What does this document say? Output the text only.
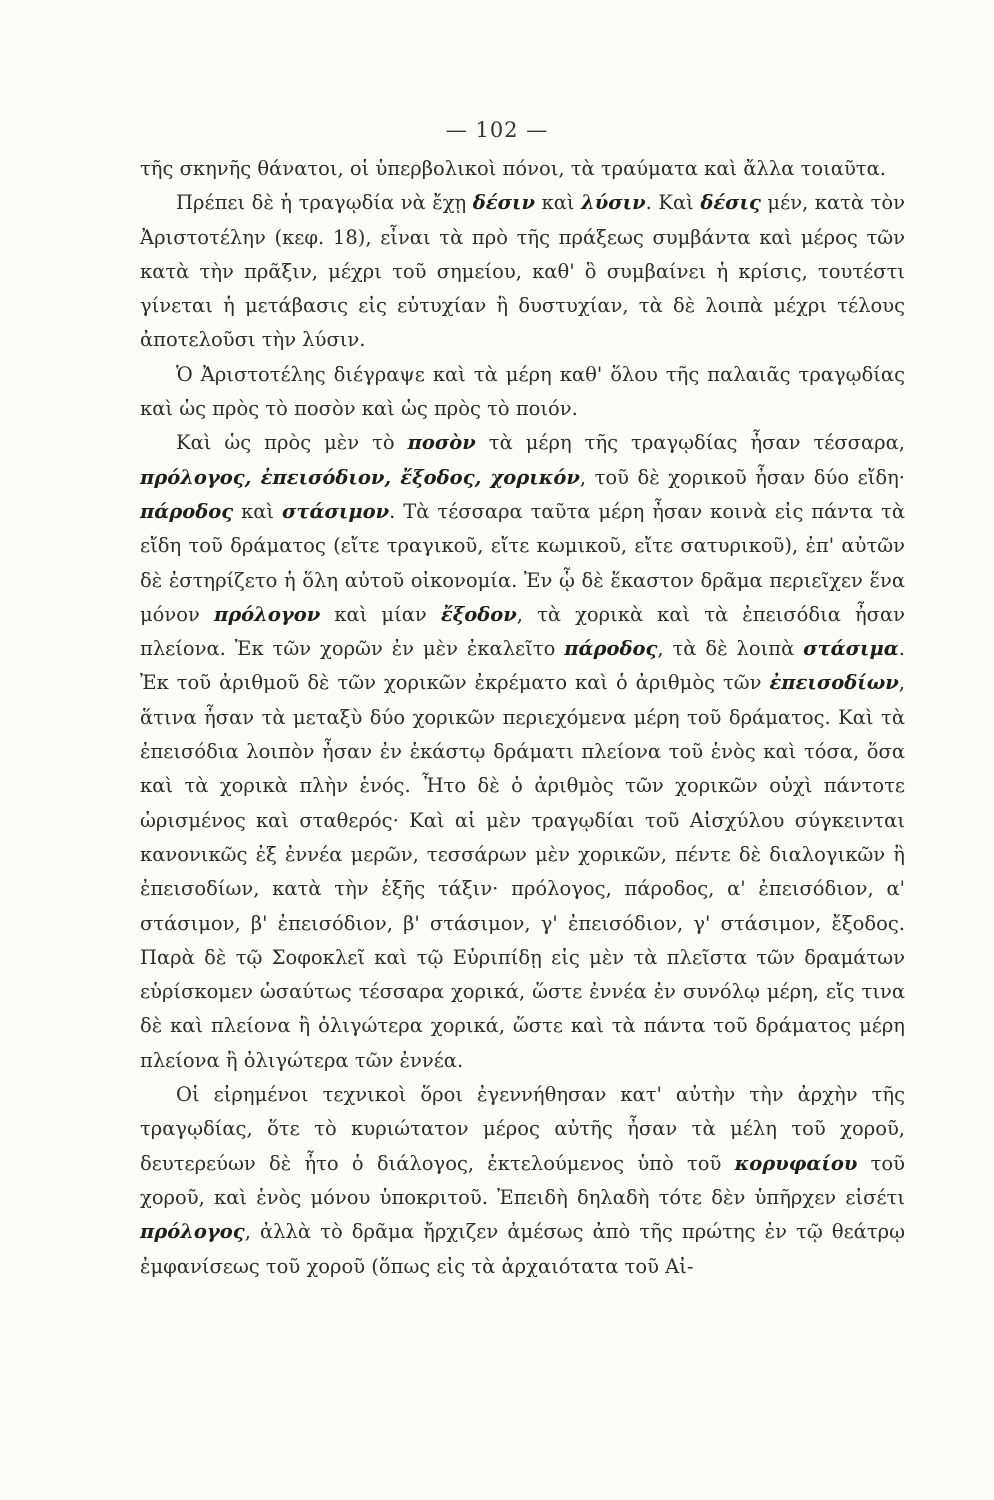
— 102 —

τῆς σκηνῆς θάνατοι, οἱ ὑπερβολικοὶ πόνοι, τὰ τραύματα καὶ ἄλλα τοιαῦτα.

Πρέπει δὲ ἡ τραγῳδία νὰ ἔχῃ δέσιν καὶ λύσιν. Καὶ δέσις μέν, κατὰ τὸν Ἀριστοτέλην (κεφ. 18), εἶναι τὰ πρὸ τῆς πράξεως συμβάντα καὶ μέρος τῶν κατὰ τὴν πρᾶξιν, μέχρι τοῦ σημείου, καθ' ὃ συμβαίνει ἡ κρίσις, τουτέστι γίνεται ἡ μετάβασις εἰς εὐτυχίαν ἢ δυστυχίαν, τὰ δὲ λοιπὰ μέχρι τέλους ἀποτελοῦσι τὴν λύσιν.

Ὁ Ἀριστοτέλης διέγραψε καὶ τὰ μέρη καθ' ὅλου τῆς παλαιᾶς τραγῳδίας καὶ ὡς πρὸς τὸ ποσὸν καὶ ὡς πρὸς τὸ ποιόν.

Καὶ ὡς πρὸς μὲν τὸ ποσὸν τὰ μέρη τῆς τραγῳδίας ἦσαν τέσσαρα, πρόλογος, ἐπεισόδιον, ἔξοδος, χορικόν, τοῦ δὲ χορικοῦ ἦσαν δύο εἴδη· πάροδος καὶ στάσιμον. Τὰ τέσσαρα ταῦτα μέρη ἦσαν κοινὰ εἰς πάντα τὰ εἴδη τοῦ δράματος (εἴτε τραγικοῦ, εἴτε κωμικοῦ, εἴτε σατυρικοῦ), ἐπ' αὐτῶν δὲ ἐστηρίζετο ἡ ὅλη αὐτοῦ οἰκονομία. Ἐν ᾧ δὲ ἕκαστον δρᾶμα περιεῖχεν ἕνα μόνον πρόλογον καὶ μίαν ἔξοδον, τὰ χορικὰ καὶ τὰ ἐπεισόδια ἦσαν πλείονα. Ἐκ τῶν χορῶν ἐν μὲν ἐκαλεῖτο πάροδος, τὰ δὲ λοιπὰ στάσιμα. Ἐκ τοῦ ἀριθμοῦ δὲ τῶν χορικῶν ἐκρέματο καὶ ὁ ἀριθμὸς τῶν ἐπεισοδίων, ἅτινα ἦσαν τὰ μεταξὺ δύο χορικῶν περιεχόμενα μέρη τοῦ δράματος. Καὶ τὰ ἐπεισόδια λοιπὸν ἦσαν ἐν ἑκάστῳ δράματι πλείονα τοῦ ἑνὸς καὶ τόσα, ὅσα καὶ τὰ χορικὰ πλὴν ἑνός. Ἦτο δὲ ὁ ἀριθμὸς τῶν χορικῶν οὐχὶ πάντοτε ὡρισμένος καὶ σταθερός· Καὶ αἱ μὲν τραγῳδίαι τοῦ Αἰσχύλου σύγκεινται κανονικῶς ἐξ ἐννέα μερῶν, τεσσάρων μὲν χορικῶν, πέντε δὲ διαλογικῶν ἢ ἐπεισοδίων, κατὰ τὴν ἑξῆς τάξιν· πρόλογος, πάροδος, α' ἐπεισόδιον, α' στάσιμον, β' ἐπεισόδιον, β' στάσιμον, γ' ἐπεισόδιον, γ' στάσιμον, ἔξοδος. Παρὰ δὲ τῷ Σοφοκλεῖ καὶ τῷ Εὐριπίδῃ εἰς μὲν τὰ πλεῖστα τῶν δραμάτων εὑρίσκομεν ὡσαύτως τέσσαρα χορικά, ὥστε ἐννέα ἐν συνόλῳ μέρη, εἴς τινα δὲ καὶ πλείονα ἢ ὀλιγώτερα χορικά, ὥστε καὶ τὰ πάντα τοῦ δράματος μέρη πλείονα ἢ ὀλιγώτερα τῶν ἐννέα.

Οἱ εἰρημένοι τεχνικοὶ ὅροι ἐγεννήθησαν κατ' αὐτὴν τὴν ἀρχὴν τῆς τραγῳδίας, ὅτε τὸ κυριώτατον μέρος αὐτῆς ἦσαν τὰ μέλη τοῦ χοροῦ, δευτερεύων δὲ ἦτο ὁ διάλογος, ἐκτελούμενος ὑπὸ τοῦ κορυφαίου τοῦ χοροῦ, καὶ ἑνὸς μόνου ὑποκριτοῦ. Ἐπειδὴ δηλαδὴ τότε δὲν ὑπῆρχεν εἰσέτι πρόλογος, ἀλλὰ τὸ δρᾶμα ἤρχιζεν ἀμέσως ἀπὸ τῆς πρώτης ἐν τῷ θεάτρῳ ἐμφανίσεως τοῦ χοροῦ (ὅπως εἰς τὰ ἀρχαιότατα τοῦ Αἰ-
